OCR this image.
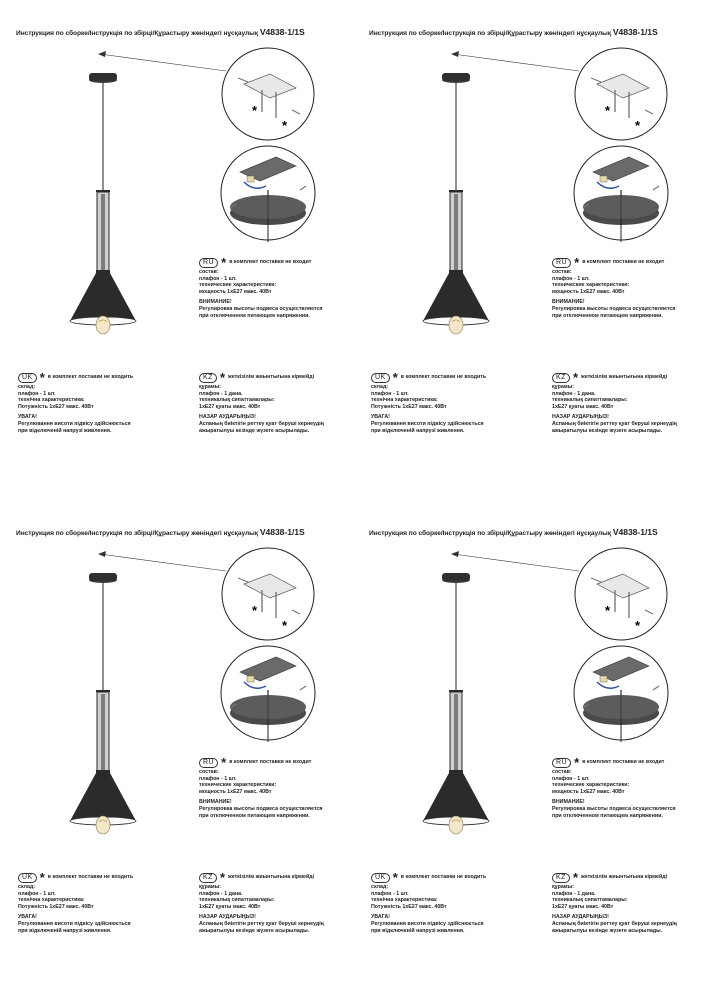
Инструкция по сборке/Інструкція по збірці/Құрастыру жөніндегі нұсқаулық V4838-1/1S
*
*
RU * в комплект поставки не входит
состав:
плафон - 1 шт.
технические характеристики:
мощность 1хЕ27 макс. 40Вт
ВНИМАНИЕ!
Регулировка высоты подвеса осуществляется
при отключенном питающем напряжении.
UK * в комплект поставки не входить
склад:
плафон - 1 шт.
технічна характеристика:
Потужність 1хЕ27 макс. 40Вт
УВАГА!
Регулювання висоти підвісу здійснюється
при відключеній напрузі живлення.
KZ * жеткізілім жиынтығына кірмейді
құрамы:
плафон - 1 дана.
техникалық сипаттамалары:
1хЕ27 қуаты макс. 40Вт
НАЗАР АУДАРЫҢЫЗ!
Аспаның биіктігін реттеу қуат беруші кернеудің
ажыратылуы кезінде жүзеге асырылады.
Инструкция по сборке/Інструкція по збірці/Құрастыру жөніндегі нұсқаулық V4838-1/1S
*
*
RU * в комплект поставки не входит
состав:
плафон - 1 шт.
технические характеристики:
мощность 1хЕ27 макс. 40Вт
ВНИМАНИЕ!
Регулировка высоты подвеса осуществляется
при отключенном питающем напряжении.
UK * в комплект поставки не входить
склад:
плафон - 1 шт.
технічна характеристика:
Потужність 1хЕ27 макс. 40Вт
УВАГА!
Регулювання висоти підвісу здійснюється
при відключеній напрузі живлення.
KZ * жеткізілім жиынтығына кірмейді
құрамы:
плафон - 1 дана.
техникалық сипаттамалары:
1хЕ27 қуаты макс. 40Вт
НАЗАР АУДАРЫҢЫЗ!
Аспаның биіктігін реттеу қуат беруші кернеудің
ажыратылуы кезінде жүзеге асырылады.
Инструкция по сборке/Інструкція по збірці/Құрастыру жөніндегі нұсқаулық V4838-1/1S
*
*
RU * в комплект поставки не входит
состав:
плафон - 1 шт.
технические характеристики:
мощность 1хЕ27 макс. 40Вт
ВНИМАНИЕ!
Регулировка высоты подвеса осуществляется
при отключенном питающем напряжении.
UK * в комплект поставки не входить
склад:
плафон - 1 шт.
технічна характеристика:
Потужність 1хЕ27 макс. 40Вт
УВАГА!
Регулювання висоти підвісу здійснюється
при відключеній напрузі живлення.
KZ * жеткізілім жиынтығына кірмейді
құрамы:
плафон - 1 дана.
техникалық сипаттамалары:
1хЕ27 қуаты макс. 40Вт
НАЗАР АУДАРЫҢЫЗ!
Аспаның биіктігін реттеу қуат беруші кернеудің
ажыратылуы кезінде жүзеге асырылады.
Инструкция по сборке/Інструкція по збірці/Құрастыру жөніндегі нұсқаулық V4838-1/1S
*
*
RU * в комплект поставки не входит
состав:
плафон - 1 шт.
технические характеристики:
мощность 1хЕ27 макс. 40Вт
ВНИМАНИЕ!
Регулировка высоты подвеса осуществляется
при отключенном питающем напряжении.
UK * в комплект поставки не входить
склад:
плафон - 1 шт.
технічна характеристика:
Потужність 1хЕ27 макс. 40Вт
УВАГА!
Регулювання висоти підвісу здійснюється
при відключеній напрузі живлення.
KZ * жеткізілім жиынтығына кірмейді
құрамы:
плафон - 1 дана.
техникалық сипаттамалары:
1хЕ27 қуаты макс. 40Вт
НАЗАР АУДАРЫҢЫЗ!
Аспаның биіктігін реттеу қуат беруші кернеудің
ажыратылуы кезінде жүзеге асырылады.
